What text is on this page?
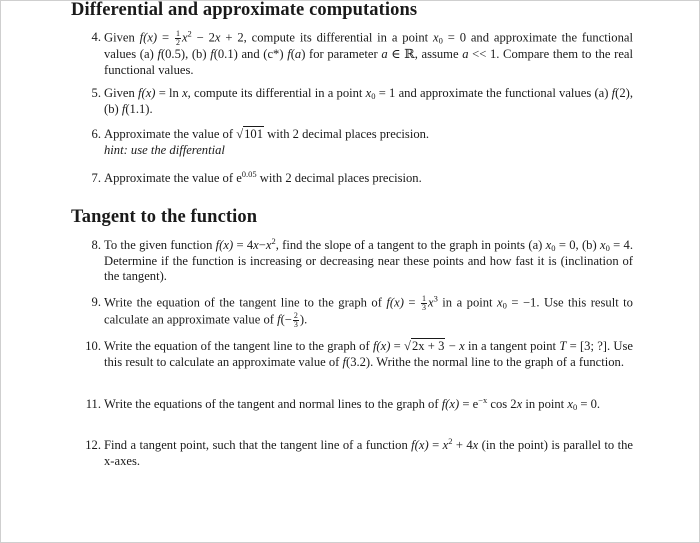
Differential and approximate computations
4. Given $f(x) = \frac{1}{2} x^2 - 2x + 2$, compute its differential in a point $x_0 = 0$ and approximate the functional values (a) f(0.5), (b) f(0.1) and (c*) f(a) for parameter a ∈ ℝ, assume a << 1. Compare them to the real functional values.
5. Given f(x) = ln x, compute its differential in a point $x_0 = 1$ and approximate the functional values (a) f(2), (b) f(1.1).
6. Approximate the value of √101 with 2 decimal places precision.
hint: use the differential
7. Approximate the value of $e^{0.05}$ with 2 decimal places precision.
Tangent to the function
8. To the given function $f(x) = 4x-x^2$, find the slope of a tangent to the graph in points (a) $x_0 = 0$, (b) $x_0 = 4$. Determine if the function is increasing or decreasing near these points and how fast it is (inclination of the tangent).
9. Write the equation of the tangent line to the graph of $f(x) = \frac{1}{3} x^3$ in a point $x_0 = -1$. Use this result to calculate an approximate value of $f(- \frac{2}{3}$ ).
10. Write the equation of the tangent line to the graph of f(x) = √2x + 3 − x in a tangent point T = [3; ?]. Use this result to calculate an approximate value of f(3.2). Writhe the normal line to the graph of a function.
11. Write the equations of the tangent and normal lines to the graph of $f(x) = e^{-x}$ cos 2x in point $x_0 = 0$.
12. Find a tangent point, such that the tangent line of a function $f(x) = x^2 + 4x$ (in the point) is parallel to the x-axes.
